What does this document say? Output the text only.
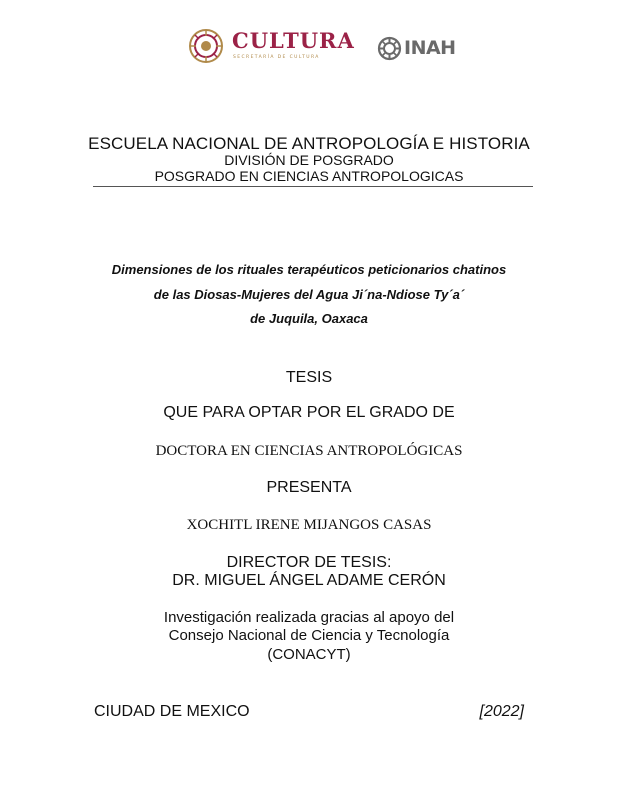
CULTURA
SECRETARÍA DE CULTURA	INAH
ESCUELA NACIONAL DE ANTROPOLOGÍA E HISTORIA
DIVISIÓN DE POSGRADO
POSGRADO EN CIENCIAS ANTROPOLOGICAS
Dimensiones de los rituales terapéuticos peticionarios chatinos
de las Diosas-Mujeres del Agua Ji´na-Ndiose Ty´a´
de Juquila, Oaxaca
TESIS
QUE PARA OPTAR POR EL GRADO DE
DOCTORA EN CIENCIAS ANTROPOLÓGICAS
PRESENTA
XOCHITL IRENE MIJANGOS CASAS
DIRECTOR DE TESIS:
DR. MIGUEL ÁNGEL ADAME CERÓN
Investigación realizada gracias al apoyo del
Consejo Nacional de Ciencia y Tecnología
(CONACYT)
CIUDAD DE MEXICO	[2022]
